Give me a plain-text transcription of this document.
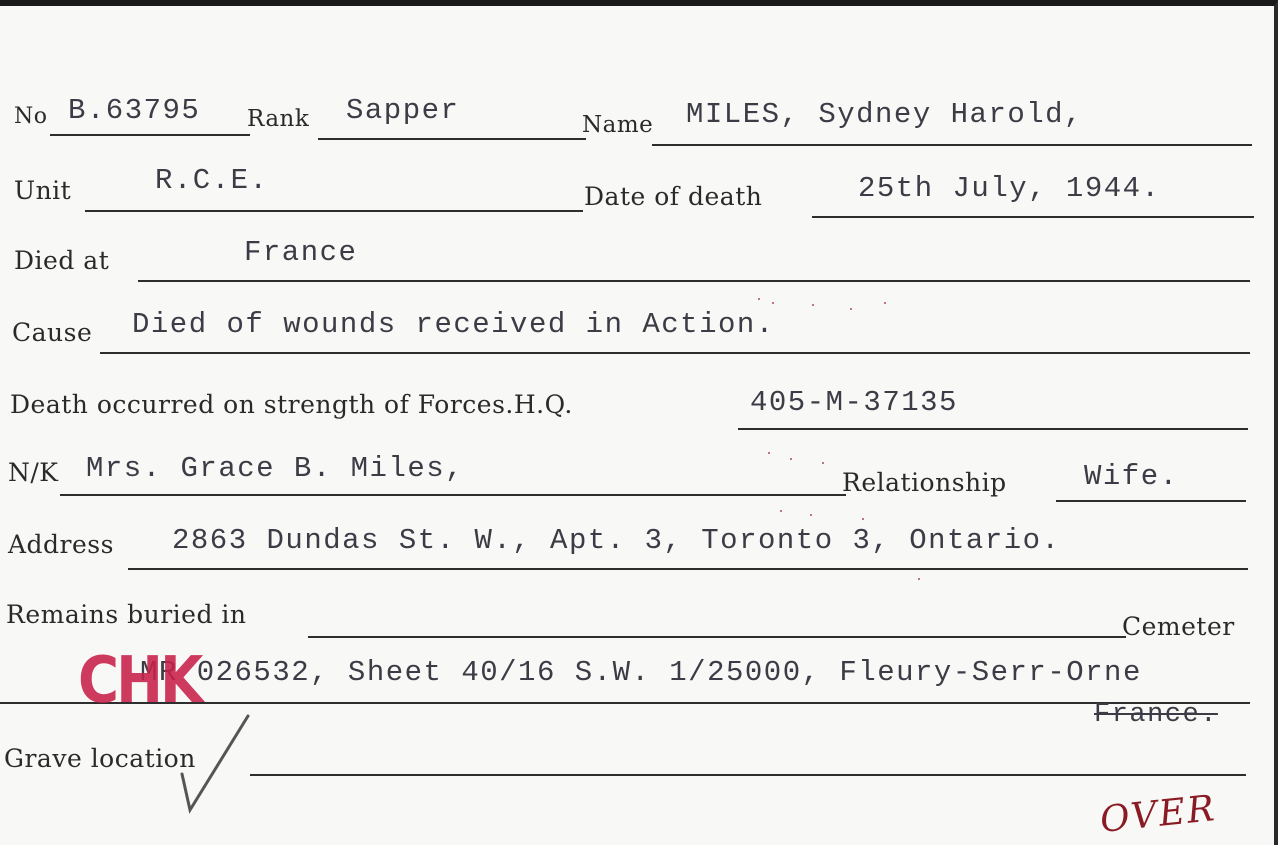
No B.63795 Rank Sapper	Name MILES, Sydney Harold,
Unit	R.C.E.	Date of death	25th July, 1944.
Died at	France
Cause Died of wounds received in Action.
Death occurred on strength of Forces.H.Q.	405-M-37135
N/K Mrs. Grace B. Miles,	Relationship	Wife.
Address 2863 Dundas St. W., Apt. 3, Toronto 3, Ontario.
Remains buried in	Cemeter
MR 026532, Sheet 40/16 S.W. 1/25000, Fleury-Serr-Orne
France.
CHK
Grave location
OVER
